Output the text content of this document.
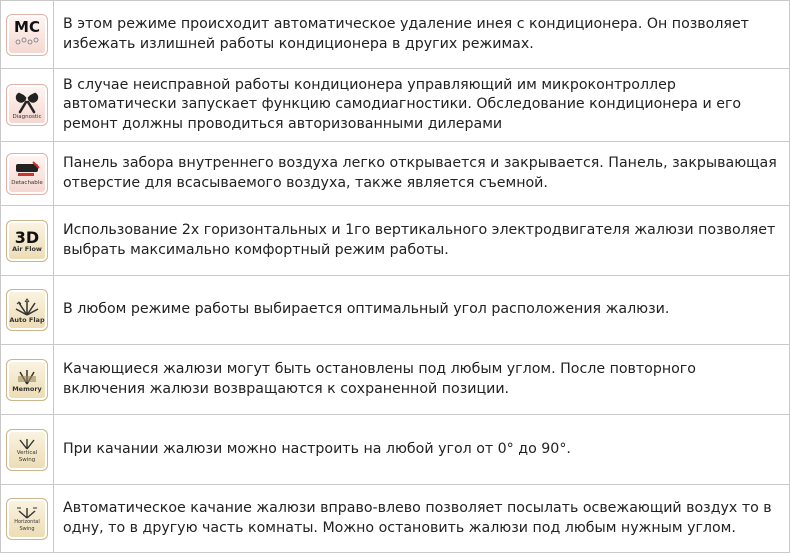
MC	В этом режиме происходит автоматическое удаление инея с кондиционера. Он позволяет избежать излишней работы кондиционера в других режимах.
Diagnostic
В случае неисправной работы кондиционера управляющий им микроконтроллер автоматически запускает функцию самодиагностики. Обследование кондиционера и его ремонт должны проводиться авторизованными дилерами
Detachable
Панель забора внутреннего воздуха легко открывается и закрывается. Панель, закрывающая отверстие для всасываемого воздуха, также является съемной.
3D
Air Flow
Использование 2х горизонтальных и 1го вертикального электродвигателя жалюзи позволяет выбрать максимально комфортный режим работы.
Auto Flap
В любом режиме работы выбирается оптимальный угол расположения жалюзи.
Memory
Качающиеся жалюзи могут быть остановлены под любым углом. После повторного включения жалюзи возвращаются к сохраненной позиции.
Vertical Swing
При качании жалюзи можно настроить на любой угол от 0° до 90°.
Horizontal Swing
Автоматическое качание жалюзи вправо-влево позволяет посылать освежающий воздух то в одну, то в другую часть комнаты. Можно остановить жалюзи под любым нужным углом.
